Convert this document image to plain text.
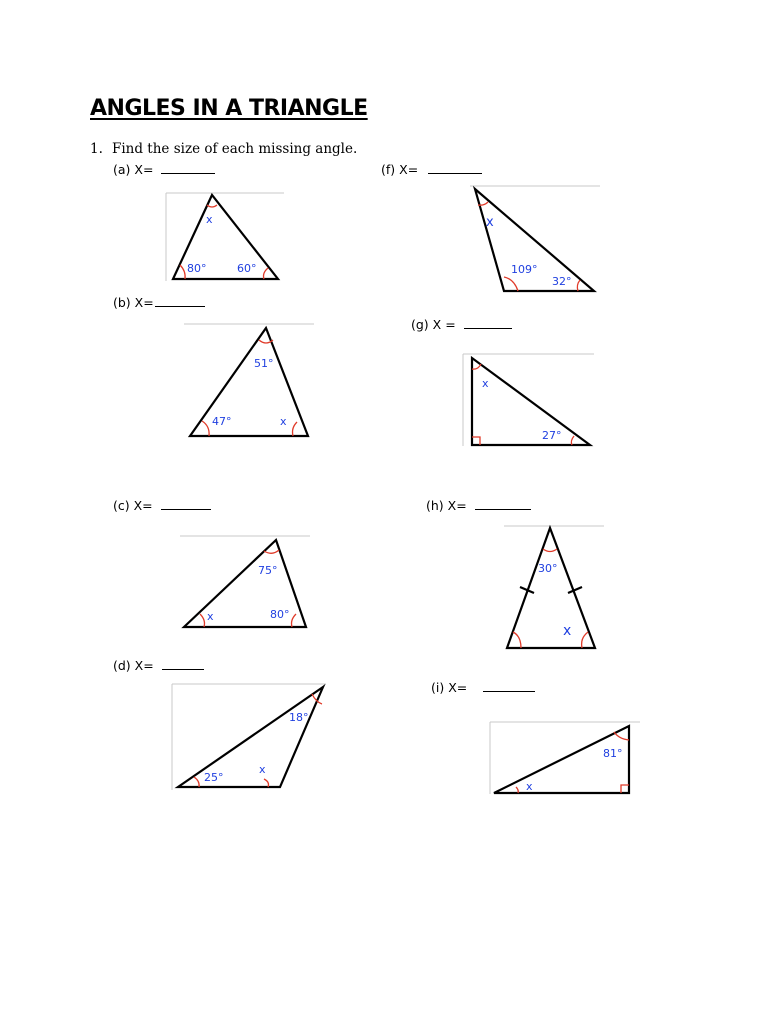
ANGLES IN A TRIANGLE
1. Find the size of each missing angle.
(a) X=
x
80°	60°
(f) X=
x
109°
32°
(b) X=
51°
47°	x
(g) X =
x
27°
(c) X=
75°
x	80°
(h) X=
30°
x
(d) X=
18°
25°
x
(i) X=
81°
x
